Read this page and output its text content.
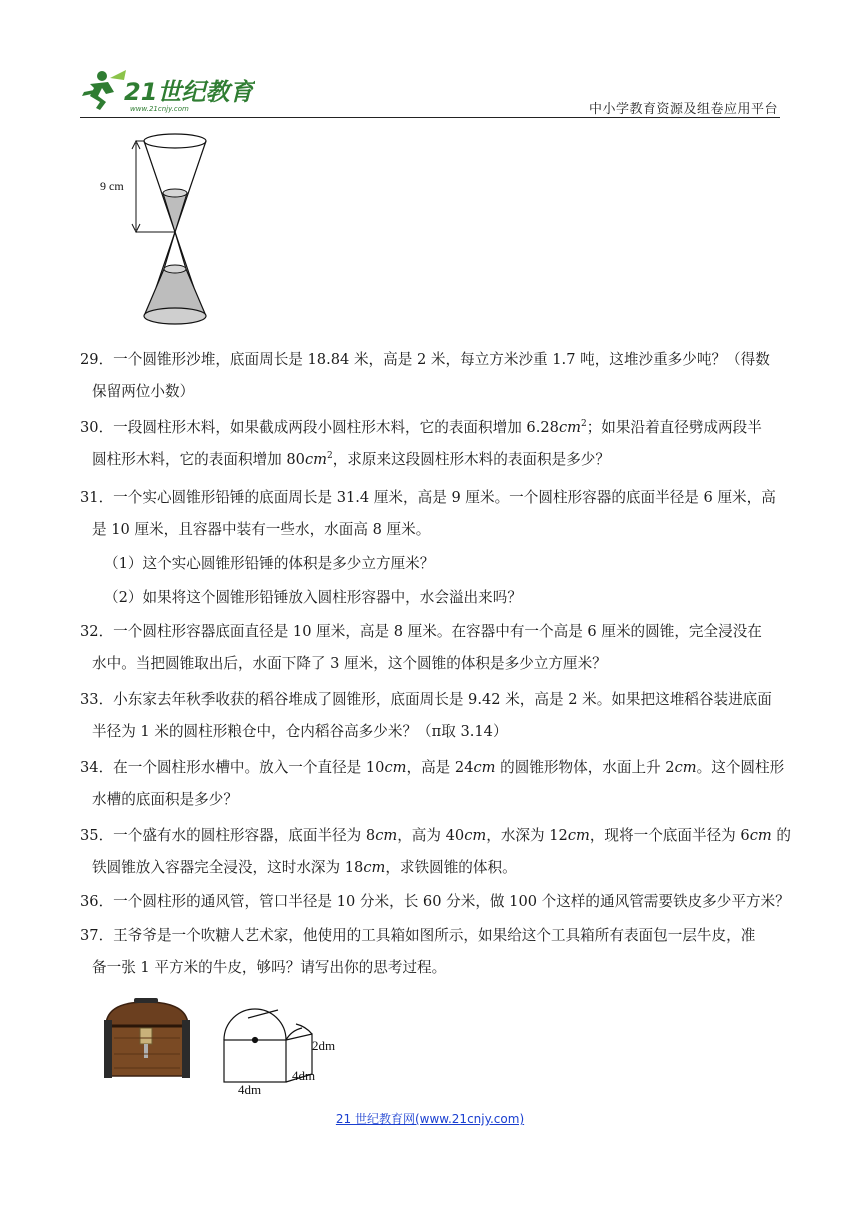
21世纪教育
www.21cnjy.com	中小学教育资源及组卷应用平台
9 cm
29．一个圆锥形沙堆，底面周长是 18.84 米，高是 2 米，每立方米沙重 1.7 吨，这堆沙重多少吨？（得数
保留两位小数）
30．一段圆柱形木料，如果截成两段小圆柱形木料，它的表面积增加 $6.28cm^2$；如果沿着直径劈成两段半
圆柱形木料，它的表面积增加 $80cm^2$，求原来这段圆柱形木料的表面积是多少？
31．一个实心圆锥形铅锤的底面周长是 31.4 厘米，高是 9 厘米。一个圆柱形容器的底面半径是 6 厘米，高
是 10 厘米，且容器中装有一些水，水面高 8 厘米。
（1）这个实心圆锥形铅锤的体积是多少立方厘米？
（2）如果将这个圆锥形铅锤放入圆柱形容器中，水会溢出来吗？
32．一个圆柱形容器底面直径是 10 厘米，高是 8 厘米。在容器中有一个高是 6 厘米的圆锥，完全浸没在
水中。当把圆锥取出后，水面下降了 3 厘米，这个圆锥的体积是多少立方厘米？
33．小东家去年秋季收获的稻谷堆成了圆锥形，底面周长是 9.42 米，高是 2 米。如果把这堆稻谷装进底面
半径为 1 米的圆柱形粮仓中，仓内稻谷高多少米？（π取 3.14）
34．在一个圆柱形水槽中。放入一个直径是 10cm，高是 24cm 的圆锥形物体，水面上升 2cm。这个圆柱形
水槽的底面积是多少？
35．一个盛有水的圆柱形容器，底面半径为 8cm，高为 40cm，水深为 12cm，现将一个底面半径为 6cm 的
铁圆锥放入容器完全浸没，这时水深为 18cm，求铁圆锥的体积。
36．一个圆柱形的通风管，管口半径是 10 分米，长 60 分米，做 100 个这样的通风管需要铁皮多少平方米？
37．王爷爷是一个吹糖人艺术家，他使用的工具箱如图所示，如果给这个工具箱所有表面包一层牛皮，准
备一张 1 平方米的牛皮，够吗？请写出你的思考过程。
2dm
4dm
4dm
21 世纪教育网(www.21cnjy.com)
